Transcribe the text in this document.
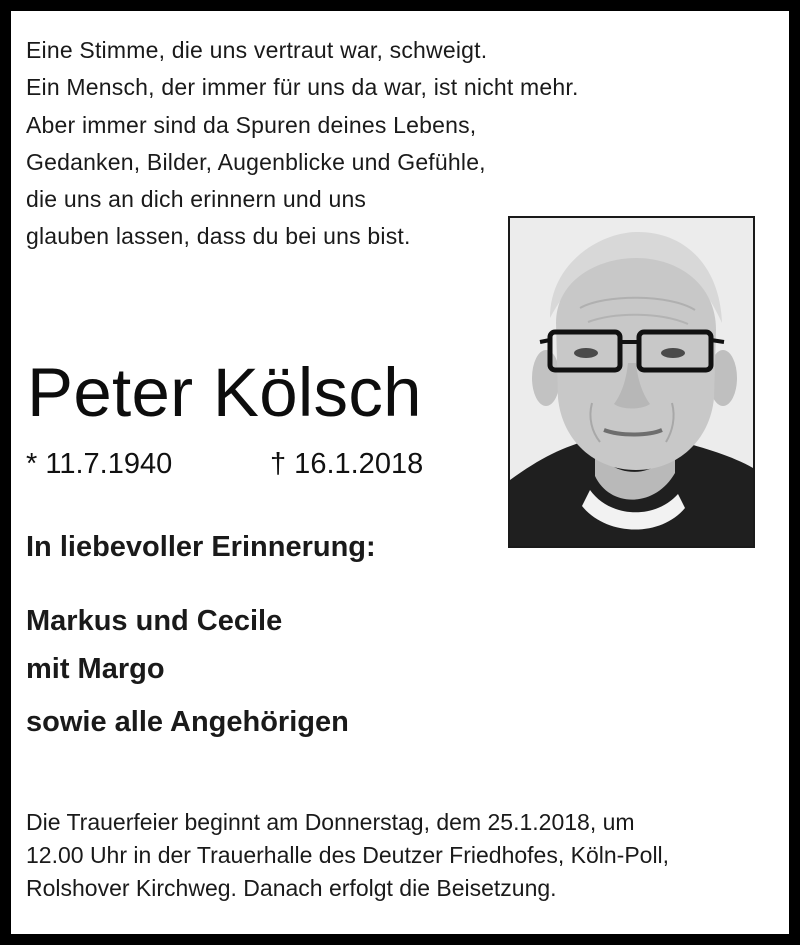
Eine Stimme, die uns vertraut war, schweigt.
Ein Mensch, der immer für uns da war, ist nicht mehr.
Aber immer sind da Spuren deines Lebens,
Gedanken, Bilder, Augenblicke und Gefühle,
die uns an dich erinnern und uns
glauben lassen, dass du bei uns bist.
Peter Kölsch
* 11.7.1940	† 16.1.2018
In liebevoller Erinnerung:
Markus und Cecile
mit Margo
sowie alle Angehörigen
Die Trauerfeier beginnt am Donnerstag, dem 25.1.2018, um
12.00 Uhr in der Trauerhalle des Deutzer Friedhofes, Köln-Poll,
Rolshover Kirchweg. Danach erfolgt die Beisetzung.
